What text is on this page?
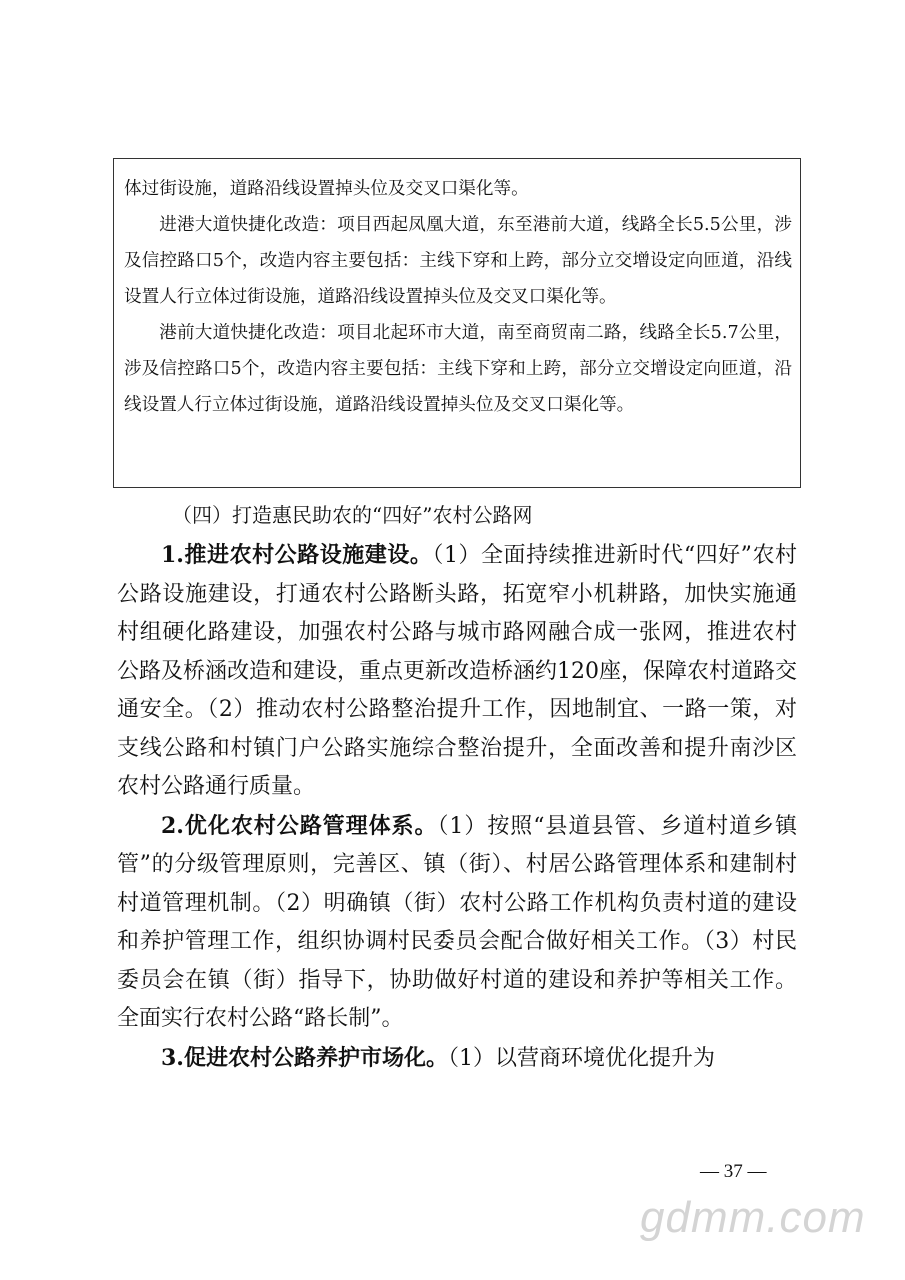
体过街设施，道路沿线设置掉头位及交叉口渠化等。

进港大道快捷化改造：项目西起凤凰大道，东至港前大道，线路全长5.5公里，涉及信控路口5个，改造内容主要包括：主线下穿和上跨，部分立交增设定向匝道，沿线设置人行立体过街设施，道路沿线设置掉头位及交叉口渠化等。

港前大道快捷化改造：项目北起环市大道，南至商贸南二路，线路全长5.7公里，涉及信控路口5个，改造内容主要包括：主线下穿和上跨，部分立交增设定向匝道，沿线设置人行立体过街设施，道路沿线设置掉头位及交叉口渠化等。

（四）打造惠民助农的“四好”农村公路网

1.推进农村公路设施建设。（1）全面持续推进新时代“四好”农村公路设施建设，打通农村公路断头路，拓宽窄小机耕路，加快实施通村组硬化路建设，加强农村公路与城市路网融合成一张网，推进农村公路及桥涵改造和建设，重点更新改造桥涵约120座，保障农村道路交通安全。（2）推动农村公路整治提升工作，因地制宜、一路一策，对支线公路和村镇门户公路实施综合整治提升，全面改善和提升南沙区农村公路通行质量。

2.优化农村公路管理体系。（1）按照“县道县管、乡道村道乡镇管”的分级管理原则，完善区、镇（街）、村居公路管理体系和建制村村道管理机制。（2）明确镇（街）农村公路工作机构负责村道的建设和养护管理工作，组织协调村民委员会配合做好相关工作。（3）村民委员会在镇（街）指导下，协助做好村道的建设和养护等相关工作。全面实行农村公路“路长制”。

3.促进农村公路养护市场化。（1）以营商环境优化提升为

— 37 —
gdmm.com
